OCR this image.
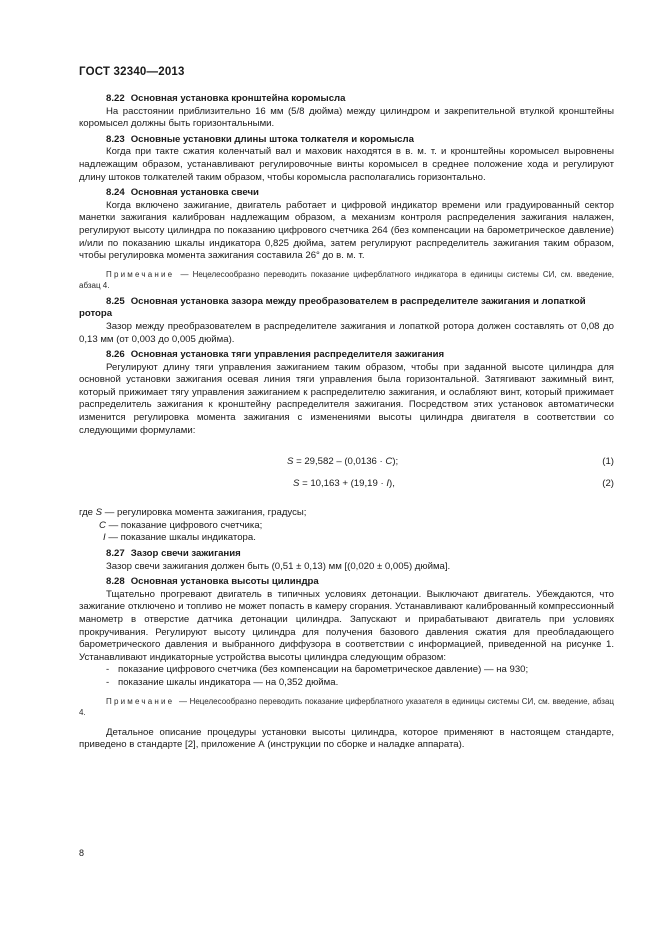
ГОСТ 32340—2013
8.22 Основная установка кронштейна коромысла

На расстоянии приблизительно 16 мм (5/8 дюйма) между цилиндром и закрепительной втулкой кронштейны коромысел должны быть горизонтальными.

8.23 Основные установки длины штока толкателя и коромысла

Когда при такте сжатия коленчатый вал и маховик находятся в в. м. т. и кронштейны коромысел выровнены надлежащим образом, устанавливают регулировочные винты коромысел в среднее положение хода и регулируют длину штоков толкателей таким образом, чтобы коромысла располагались горизонтально.

8.24 Основная установка свечи

Когда включено зажигание, двигатель работает и цифровой индикатор времени или градуированный сектор манетки зажигания калиброван надлежащим образом, а механизм контроля распределения зажигания налажен, регулируют высоту цилиндра по показанию цифрового счетчика 264 (без компенсации на барометрическое давление) и/или по показанию шкалы индикатора 0,825 дюйма, затем регулируют распределитель зажигания таким образом, чтобы регулировка момента зажигания составила 26° до в. м. т.

Примечание — Нецелесообразно переводить показание циферблатного индикатора в единицы системы СИ, см. введение, абзац 4.

8.25 Основная установка зазора между преобразователем в распределителе зажигания и лопаткой ротора

Зазор между преобразователем в распределителе зажигания и лопаткой ротора должен составлять от 0,08 до 0,13 мм (от 0,003 до 0,005 дюйма).

8.26 Основная установка тяги управления распределителя зажигания

Регулируют длину тяги управления зажиганием таким образом, чтобы при заданной высоте цилиндра для основной установки зажигания осевая линия тяги управления была горизонтальной. Затягивают зажимный винт, который прижимает тягу управления зажиганием к распределителю зажигания, и ослабляют винт, который прижимает распределитель зажигания к кронштейну распределителя зажигания. Посредством этих установок автоматически изменится регулировка момента зажигания с изменениями высоты цилиндра двигателя в соответствии со следующими формулами:

S = 29,582 – (0,0136 · C);	(1)
S = 10,163 + (19,19 · I),	(2)

где S — регулировка момента зажигания, градусы;

C — показание цифрового счетчика;

I — показание шкалы индикатора.

8.27 Зазор свечи зажигания

Зазор свечи зажигания должен быть (0,51 ± 0,13) мм [(0,020 ± 0,005) дюйма].

8.28 Основная установка высоты цилиндра

Тщательно прогревают двигатель в типичных условиях детонации. Выключают двигатель. Убеждаются, что зажигание отключено и топливо не может попасть в камеру сгорания. Устанавливают калиброванный компрессионный манометр в отверстие датчика детонации цилиндра. Запускают и прирабатывают двигатель при условиях прокручивания. Регулируют высоту цилиндра для получения базового давления сжатия для преобладающего барометрического давления и выбранного диффузора в соответствии с информацией, приведенной на рисунке 1. Устанавливают индикаторные устройства высоты цилиндра следующим образом:

- показание цифрового счетчика (без компенсации на барометрическое давление) — на 930;

- показание шкалы индикатора — на 0,352 дюйма.

Примечание — Нецелесообразно переводить показание циферблатного указателя в единицы системы СИ, см. введение, абзац 4.

Детальное описание процедуры установки высоты цилиндра, которое применяют в настоящем стандарте, приведено в стандарте [2], приложение А (инструкции по сборке и наладке аппарата).

8
